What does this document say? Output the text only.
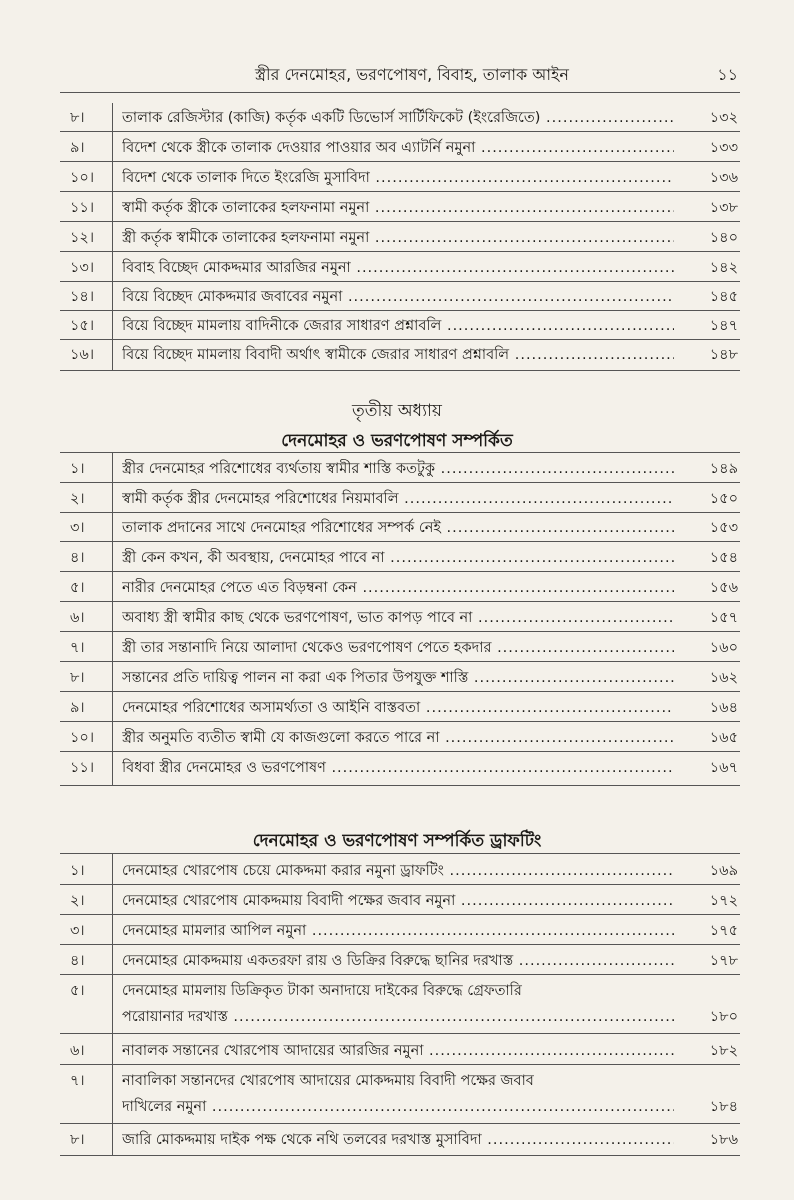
স্ত্রীর দেনমোহর, ভরণপোষণ, বিবাহ, তালাক আইন	১১
৮।	তালাক রেজিস্টার (কাজি) কর্তৃক একটি ডিভোর্স সার্টিফিকেট (ইংরেজিতে) .....	১৩২
৯।	বিদেশ থেকে স্ত্রীকে তালাক দেওয়ার পাওয়ার অব এ্যাটর্নি নমুনা .....	১৩৩
১০।	বিদেশ থেকে তালাক দিতে ইংরেজি মুসাবিদা .....	১৩৬
১১।	স্বামী কর্তৃক স্ত্রীকে তালাকের হলফনামা নমুনা .....	১৩৮
১২।	স্ত্রী কর্তৃক স্বামীকে তালাকের হলফনামা নমুনা .....	১৪০
১৩।	বিবাহ বিচ্ছেদ মোকদ্দমার আরজির নমুনা .....	১৪২
১৪।	বিয়ে বিচ্ছেদ মোকদ্দমার জবাবের নমুনা .....	১৪৫
১৫।	বিয়ে বিচ্ছেদ মামলায় বাদিনীকে জেরার সাধারণ প্রশ্নাবলি .....	১৪৭
১৬।	বিয়ে বিচ্ছেদ মামলায় বিবাদী অর্থাৎ স্বামীকে জেরার সাধারণ প্রশ্নাবলি .....	১৪৮
তৃতীয় অধ্যায়
দেনমোহর ও ভরণপোষণ সম্পর্কিত
১।	স্ত্রীর দেনমোহর পরিশোধের ব্যর্থতায় স্বামীর শাস্তি কতটুকু .....	১৪৯
২।	স্বামী কর্তৃক স্ত্রীর দেনমোহর পরিশোধের নিয়মাবলি .....	১৫০
৩।	তালাক প্রদানের সাথে দেনমোহর পরিশোধের সম্পর্ক নেই .....	১৫৩
৪।	স্ত্রী কেন কখন, কী অবস্থায়, দেনমোহর পাবে না .....	১৫৪
৫।	নারীর দেনমোহর পেতে এত বিড়ম্বনা কেন .....	১৫৬
৬।	অবাধ্য স্ত্রী স্বামীর কাছ থেকে ভরণপোষণ, ভাত কাপড় পাবে না .....	১৫৭
৭।	স্ত্রী তার সন্তানাদি নিয়ে আলাদা থেকেও ভরণপোষণ পেতে হকদার .....	১৬০
৮।	সন্তানের প্রতি দায়িত্ব পালন না করা এক পিতার উপযুক্ত শাস্তি .....	১৬২
৯।	দেনমোহর পরিশোধের অসামর্থ্যতা ও আইনি বাস্তবতা .....	১৬৪
১০।	স্ত্রীর অনুমতি ব্যতীত স্বামী যে কাজগুলো করতে পারে না .....	১৬৫
১১।	বিধবা স্ত্রীর দেনমোহর ও ভরণপোষণ .....	১৬৭
দেনমোহর ও ভরণপোষণ সম্পর্কিত ড্রাফটিং
১।	দেনমোহর খোরপোষ চেয়ে মোকদ্দমা করার নমুনা ড্রাফটিং .....	১৬৯
২।	দেনমোহর খোরপোষ মোকদ্দমায় বিবাদী পক্ষের জবাব নমুনা .....	১৭২
৩।	দেনমোহর মামলার আপিল নমুনা .....	১৭৫
৪।	দেনমোহর মোকদ্দমায় একতরফা রায় ও ডিক্রির বিরুদ্ধে ছানির দরখাস্ত .....	১৭৮
৫।	দেনমোহর মামলায় ডিক্রিকৃত টাকা অনাদায়ে দাইকের বিরুদ্ধে গ্রেফতারি
পরোয়ানার দরখাস্ত .....	১৮০
৬।	নাবালক সন্তানের খোরপোষ আদায়ের আরজির নমুনা .....	১৮২
৭।	নাবালিকা সন্তানদের খোরপোষ আদায়ের মোকদ্দমায় বিবাদী পক্ষের জবাব
দাখিলের নমুনা .....	১৮৪
৮।	জারি মোকদ্দমায় দাইক পক্ষ থেকে নথি তলবের দরখাস্ত মুসাবিদা .....	১৮৬
